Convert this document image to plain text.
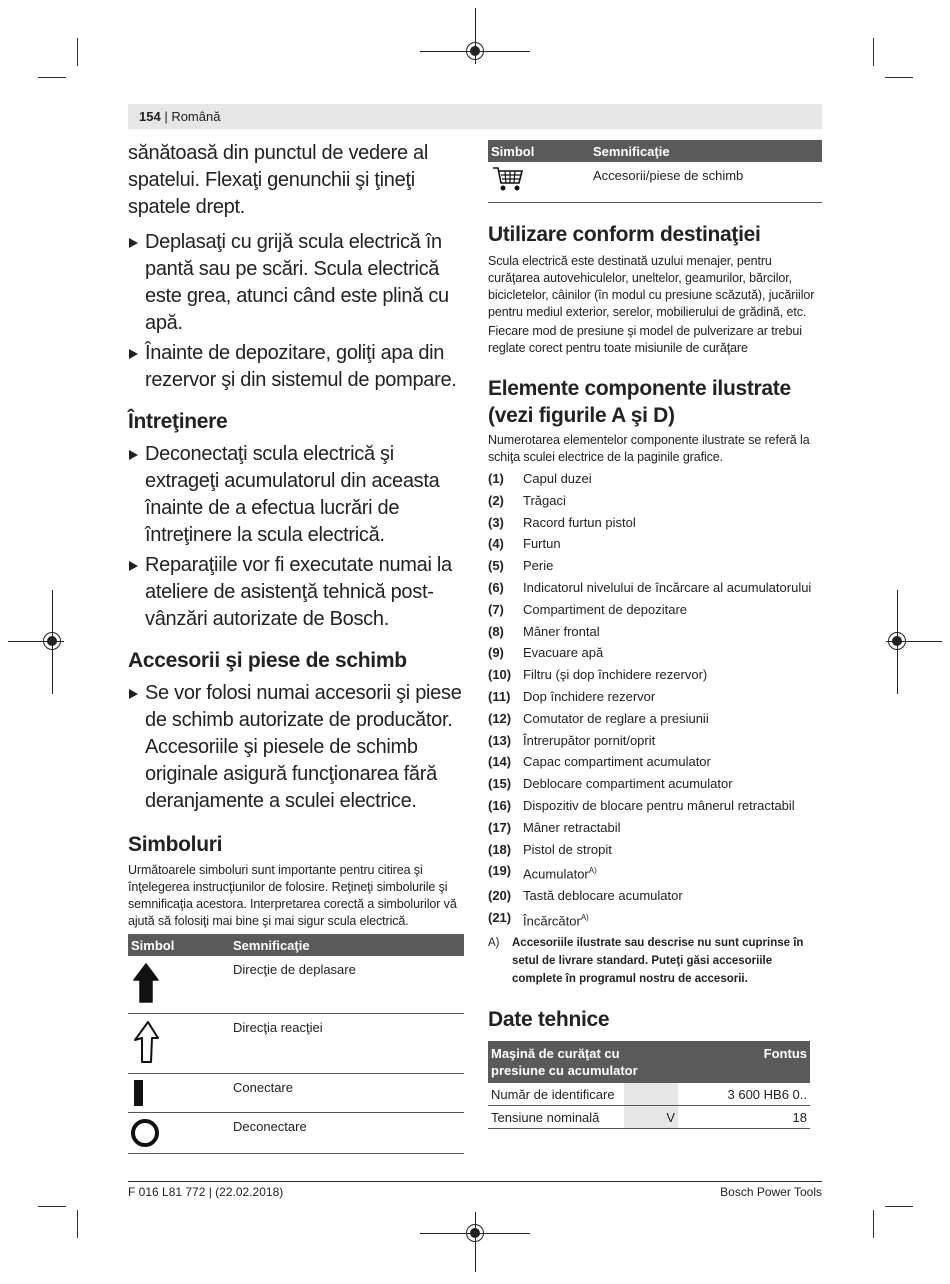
154 | Română

sănătoasă din punctul de vedere al spatelui. Flexaţi genunchii şi ţineţi spatele drept.

Deplasaţi cu grijă scula electrică în pantă sau pe scări. Scula electrică este grea, atunci când este plină cu apă.
Înainte de depozitare, goliţi apa din rezervor şi din sistemul de pompare.
Întreţinere
Deconectaţi scula electrică şi extrageţi acumulatorul din aceasta înainte de a efectua lucrări de întreţinere la scula electrică.
Reparaţiile vor fi executate numai la ateliere de asistenţă tehnică post-vânzări autorizate de Bosch.
Accesorii şi piese de schimb
Se vor folosi numai accesorii şi piese de schimb autorizate de producător. Accesoriile şi piesele de schimb originale asigură funcţionarea fără deranjamente a sculei electrice.
Simboluri

Următoarele simboluri sunt importante pentru citirea şi înţelegerea instrucţiunilor de folosire. Reţineţi simbolurile şi semnificaţia acestora. Interpretarea corectă a simbolurilor vă ajută să folosiţi mai bine şi mai sigur scula electrică.

Simbol	Semnificaţie
	Direcţie de deplasare
	Direcţia reacţiei

	Conectare

	Deconectare
Simbol	Semnificaţie
	Accesorii/piese de schimb
Utilizare conform destinaţiei

Scula electrică este destinată uzului menajer, pentru curăţarea autovehiculelor, uneltelor, geamurilor, bărcilor, bicicletelor, câinilor (în modul cu presiune scăzută), jucăriilor pentru mediul exterior, serelor, mobilierului de grădină, etc.

Fiecare mod de presiune şi model de pulverizare ar trebui reglate corect pentru toate misiunile de curăţare

Elemente componente ilustrate
(vezi figurile A şi D)

Numerotarea elementelor componente ilustrate se referă la schiţa sculei electrice de la paginile grafice.

(1)	Capul duzei
(2)	Trăgaci
(3)	Racord furtun pistol
(4)	Furtun
(5)	Perie
(6)	Indicatorul nivelului de încărcare al acumulatorului
(7)	Compartiment de depozitare
(8)	Mâner frontal
(9)	Evacuare apă
(10) Filtru (şi dop închidere rezervor)
(11) Dop închidere rezervor
(12) Comutator de reglare a presiunii
(13) Întrerupător pornit/oprit
(14) Capac compartiment acumulator
(15) Deblocare compartiment acumulator
(16) Dispozitiv de blocare pentru mânerul retractabil
(17) Mâner retractabil
(18) Pistol de stropit
(19) Acumulator$^{A)}$
(20) Tastă deblocare acumulator
(21) Încărcător$^{A)}$
A)	Accesoriile ilustrate sau descrise nu sunt cuprinse în setul de livrare standard. Puteţi găsi accesoriile complete în programul nostru de accesorii.
Date tehnice
Maşină de curăţat cu presiune cu acumulator		Fontus
Număr de identificare		3 600 HB6 0..
Tensiune nominală	V	18
F 016 L81 772 | (22.02.2018)	Bosch Power Tools
